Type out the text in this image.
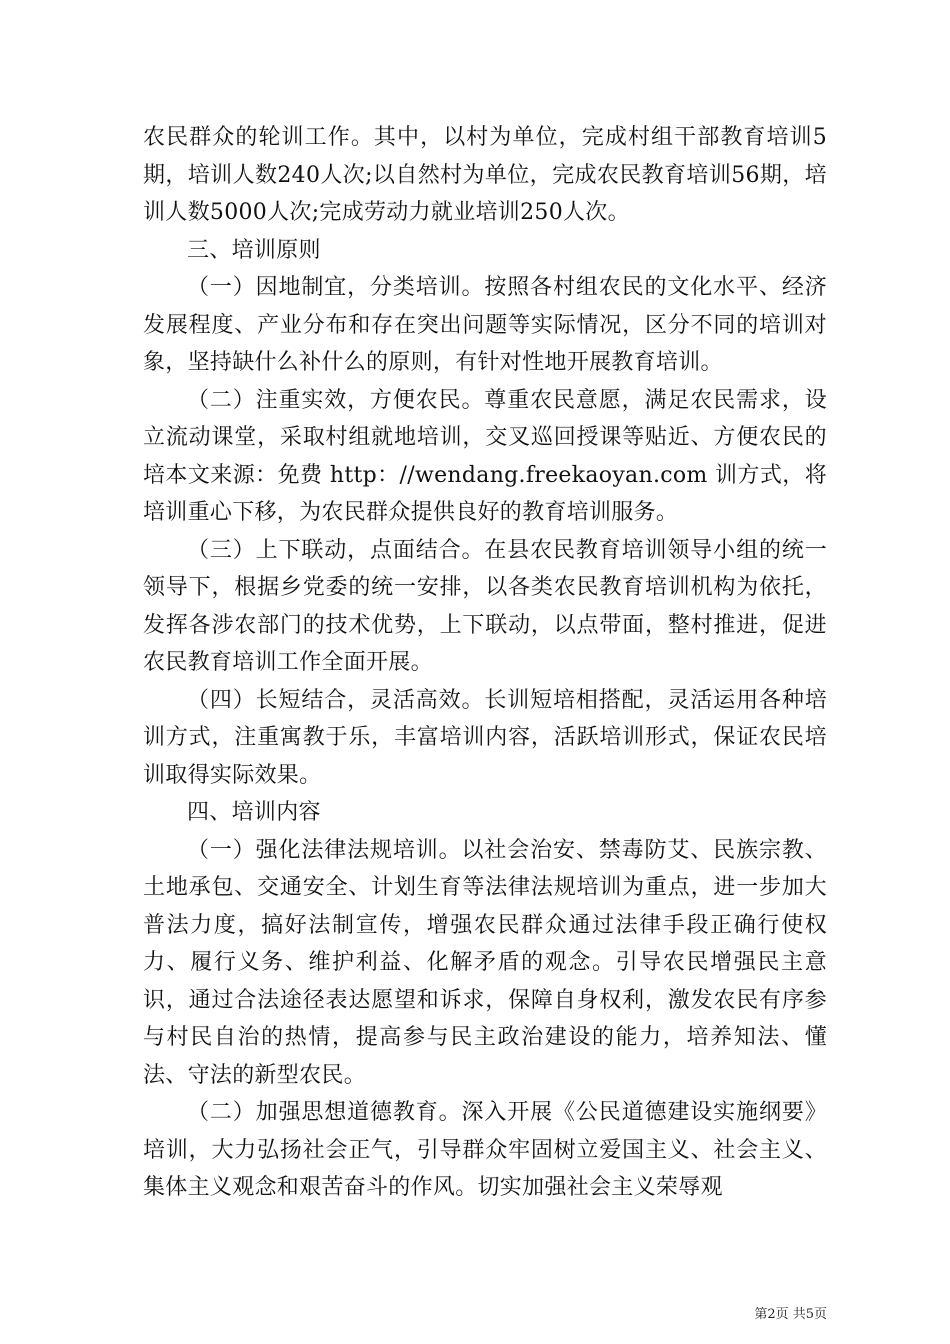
农民群众的轮训工作。其中，以村为单位，完成村组干部教育培训5期，培训人数240人次;以自然村为单位，完成农民教育培训56期，培训人数5000人次;完成劳动力就业培训250人次。

三、培训原则

（一）因地制宜，分类培训。按照各村组农民的文化水平、经济发展程度、产业分布和存在突出问题等实际情况，区分不同的培训对象，坚持缺什么补什么的原则，有针对性地开展教育培训。

（二）注重实效，方便农民。尊重农民意愿，满足农民需求，设立流动课堂，采取村组就地培训，交叉巡回授课等贴近、方便农民的培本文来源：免费 http：//wendang.freekaoyan.com 训方式，将培训重心下移，为农民群众提供良好的教育培训服务。

（三）上下联动，点面结合。在县农民教育培训领导小组的统一领导下，根据乡党委的统一安排，以各类农民教育培训机构为依托，发挥各涉农部门的技术优势，上下联动，以点带面，整村推进，促进农民教育培训工作全面开展。

（四）长短结合，灵活高效。长训短培相搭配，灵活运用各种培训方式，注重寓教于乐，丰富培训内容，活跃培训形式，保证农民培训取得实际效果。

四、培训内容

（一）强化法律法规培训。以社会治安、禁毒防艾、民族宗教、土地承包、交通安全、计划生育等法律法规培训为重点，进一步加大普法力度，搞好法制宣传，增强农民群众通过法律手段正确行使权力、履行义务、维护利益、化解矛盾的观念。引导农民增强民主意识，通过合法途径表达愿望和诉求，保障自身权利，激发农民有序参与村民自治的热情，提高参与民主政治建设的能力，培养知法、懂法、守法的新型农民。

（二）加强思想道德教育。深入开展《公民道德建设实施纲要》培训，大力弘扬社会正气，引导群众牢固树立爱国主义、社会主义、集体主义观念和艰苦奋斗的作风。切实加强社会主义荣辱观

第2页 共5页
